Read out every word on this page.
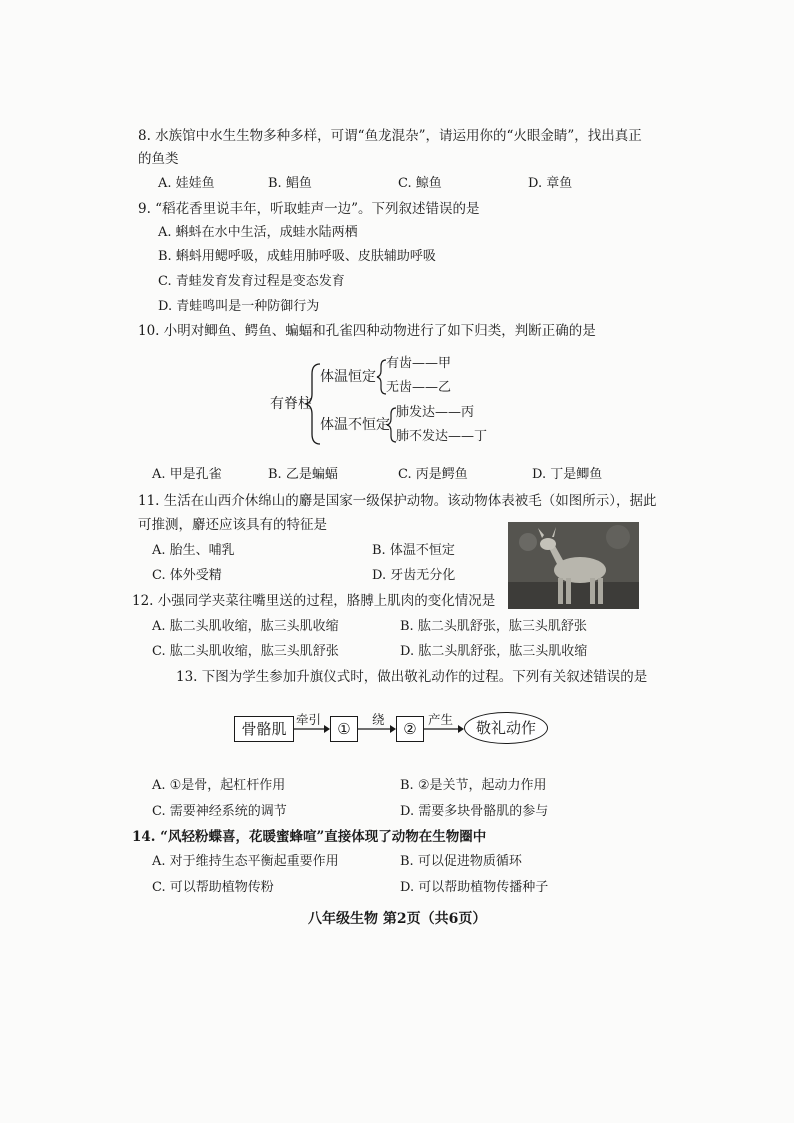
8. 水族馆中水生生物多种多样，可谓“鱼龙混杂”，请运用你的“火眼金睛”，找出真正
的鱼类
A. 娃娃鱼	B. 鲳鱼	C. 鲸鱼	D. 章鱼
9. “稻花香里说丰年，听取蛙声一边”。下列叙述错误的是
A. 蝌蚪在水中生活，成蛙水陆两栖
B. 蝌蚪用鳃呼吸，成蛙用肺呼吸、皮肤辅助呼吸
C. 青蛙发育发育过程是变态发育
D. 青蛙鸣叫是一种防御行为
10. 小明对鲫鱼、鳄鱼、蝙蝠和孔雀四种动物进行了如下归类，判断正确的是
有脊柱
体温恒定
体温不恒定
有齿——甲
无齿——乙
肺发达——丙
肺不发达——丁
A. 甲是孔雀	B. 乙是蝙蝠	C. 丙是鳄鱼	D. 丁是鲫鱼
11. 生活在山西介休绵山的麝是国家一级保护动物。该动物体表被毛（如图所示），据此
可推测，麝还应该具有的特征是
A. 胎生、哺乳	B. 体温不恒定
C. 体外受精	D. 牙齿无分化
12. 小强同学夹菜往嘴里送的过程，胳膊上肌肉的变化情况是
A. 肱二头肌收缩，肱三头肌收缩	B. 肱二头肌舒张，肱三头肌舒张
C. 肱二头肌收缩，肱三头肌舒张	D. 肱二头肌舒张，肱三头肌收缩
13. 下图为学生参加升旗仪式时，做出敬礼动作的过程。下列有关叙述错误的是
骨骼肌
牵引
①
绕
②
产生	敬礼动作
A. ①是骨，起杠杆作用	B. ②是关节，起动力作用
C. 需要神经系统的调节	D. 需要多块骨骼肌的参与
14. “风轻粉蝶喜，花暖蜜蜂喧”直接体现了动物在生物圈中
A. 对于维持生态平衡起重要作用	B. 可以促进物质循环
C. 可以帮助植物传粉	D. 可以帮助植物传播种子
八年级生物 第2页（共6页）
